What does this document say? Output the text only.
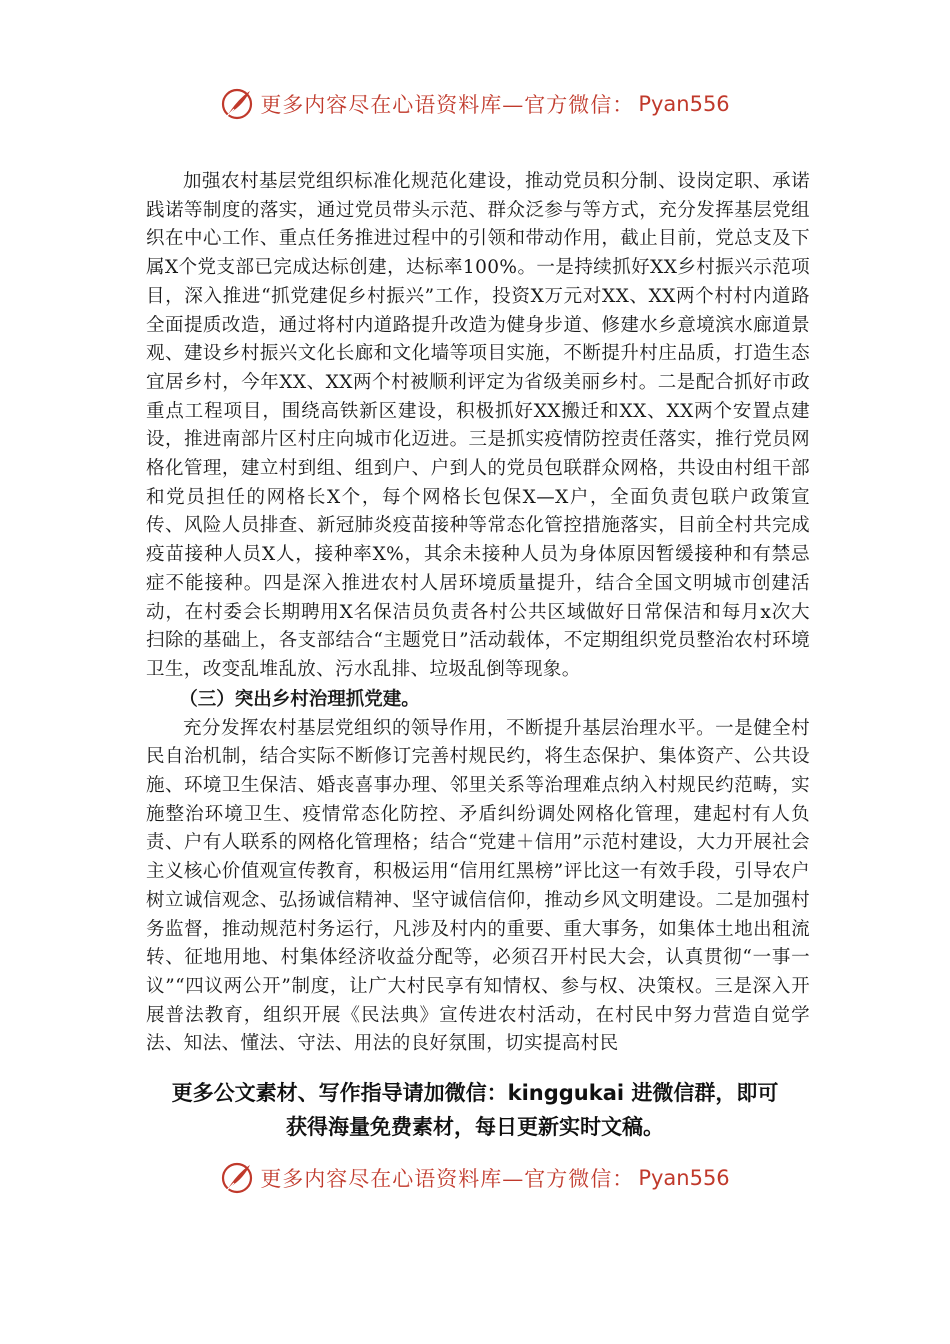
更多内容尽在心语资料库—官方微信： Pyan556

加强农村基层党组织标准化规范化建设，推动党员积分制、设岗定职、承诺践诺等制度的落实，通过党员带头示范、群众泛参与等方式，充分发挥基层党组织在中心工作、重点任务推进过程中的引领和带动作用，截止目前，党总支及下属X个党支部已完成达标创建，达标率100%。一是持续抓好XX乡村振兴示范项目，深入推进“抓党建促乡村振兴”工作，投资X万元对XX、XX两个村村内道路全面提质改造，通过将村内道路提升改造为健身步道、修建水乡意境滨水廊道景观、建设乡村振兴文化长廊和文化墙等项目实施，不断提升村庄品质，打造生态宜居乡村，今年XX、XX两个村被顺利评定为省级美丽乡村。二是配合抓好市政重点工程项目，围绕高铁新区建设，积极抓好XX搬迁和XX、XX两个安置点建设，推进南部片区村庄向城市化迈进。三是抓实疫情防控责任落实，推行党员网格化管理，建立村到组、组到户、户到人的党员包联群众网格，共设由村组干部和党员担任的网格长X个，每个网格长包保X—X户，全面负责包联户政策宣传、风险人员排查、新冠肺炎疫苗接种等常态化管控措施落实，目前全村共完成疫苗接种人员X人，接种率X%，其余未接种人员为身体原因暂缓接种和有禁忌症不能接种。四是深入推进农村人居环境质量提升，结合全国文明城市创建活动，在村委会长期聘用X名保洁员负责各村公共区域做好日常保洁和每月x次大扫除的基础上，各支部结合“主题党日”活动载体，不定期组织党员整治农村环境卫生，改变乱堆乱放、污水乱排、垃圾乱倒等现象。

（三）突出乡村治理抓党建。

充分发挥农村基层党组织的领导作用，不断提升基层治理水平。一是健全村民自治机制，结合实际不断修订完善村规民约，将生态保护、集体资产、公共设施、环境卫生保洁、婚丧喜事办理、邻里关系等治理难点纳入村规民约范畴，实施整治环境卫生、疫情常态化防控、矛盾纠纷调处网格化管理，建起村有人负责、户有人联系的网格化管理格；结合“党建＋信用”示范村建设，大力开展社会主义核心价值观宣传教育，积极运用“信用红黑榜”评比这一有效手段，引导农户树立诚信观念、弘扬诚信精神、坚守诚信信仰，推动乡风文明建设。二是加强村务监督，推动规范村务运行，凡涉及村内的重要、重大事务，如集体土地出租流转、征地用地、村集体经济收益分配等，必须召开村民大会，认真贯彻“一事一议”“四议两公开”制度，让广大村民享有知情权、参与权、决策权。三是深入开展普法教育，组织开展《民法典》宣传进农村活动，在村民中努力营造自觉学法、知法、懂法、守法、用法的良好氛围，切实提高村民

更多公文素材、写作指导请加微信：kinggukai 进微信群，即可
获得海量免费素材，每日更新实时文稿。
更多内容尽在心语资料库—官方微信： Pyan556
